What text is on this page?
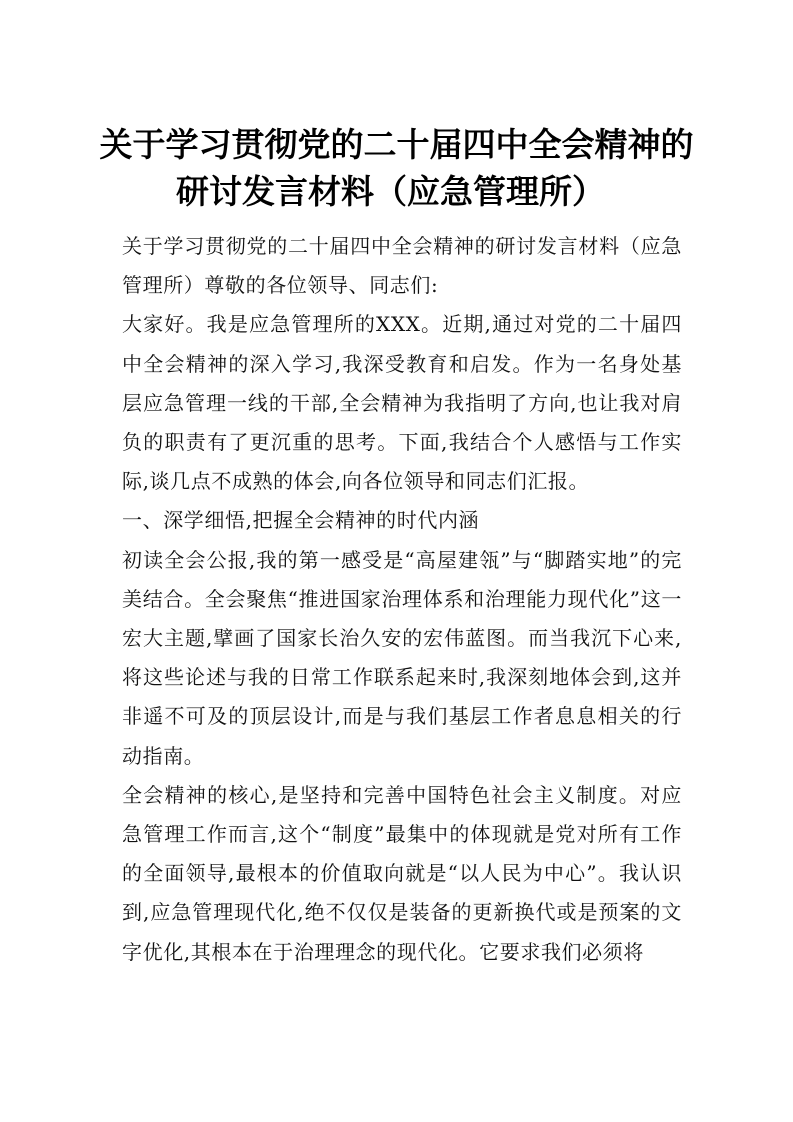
关于学习贯彻党的二十届四中全会精神的
研讨发言材料（应急管理所）

关于学习贯彻党的二十届四中全会精神的研讨发言材料（应急管理所）尊敬的各位领导、同志们:

大家好。我是应急管理所的XXX。近期,通过对党的二十届四中全会精神的深入学习,我深受教育和启发。作为一名身处基层应急管理一线的干部,全会精神为我指明了方向,也让我对肩负的职责有了更沉重的思考。下面,我结合个人感悟与工作实际,谈几点不成熟的体会,向各位领导和同志们汇报。

一、深学细悟,把握全会精神的时代内涵

初读全会公报,我的第一感受是“高屋建瓴”与“脚踏实地”的完美结合。全会聚焦“推进国家治理体系和治理能力现代化”这一宏大主题,擘画了国家长治久安的宏伟蓝图。而当我沉下心来,将这些论述与我的日常工作联系起来时,我深刻地体会到,这并非遥不可及的顶层设计,而是与我们基层工作者息息相关的行动指南。

全会精神的核心,是坚持和完善中国特色社会主义制度。对应急管理工作而言,这个“制度”最集中的体现就是党对所有工作的全面领导,最根本的价值取向就是“以人民为中心”。我认识到,应急管理现代化,绝不仅仅是装备的更新换代或是预案的文字优化,其根本在于治理理念的现代化。它要求我们必须将
